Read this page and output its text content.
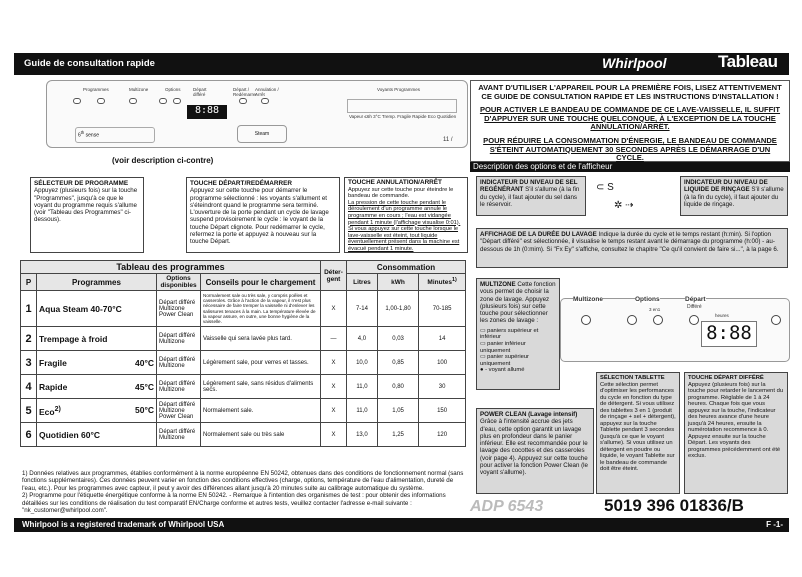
Guide de consultation rapide	Whirlpool	Tableau
Programmes	Multizone	Options	Départ différé
Départ / Redémarrer
Annulation / Arrêt
Voyants Programmes
8:88
Vapeur ≤6h 3°C Tremp. Fragile Rapide Eco Quotidien
6th sense	Steam
11 /
(voir description ci-contre)
SÉLECTEUR DE PROGRAMME
Appuyez (plusieurs fois) sur la touche "Programmes", jusqu'à ce que le voyant du programme requis s'allume (voir "Tableau des Programmes" ci-dessous).
TOUCHE DÉPART/REDÉMARRER
Appuyez sur cette touche pour démarrer le programme sélectionné : les voyants s'allument et s'éteindront quand le programme sera terminé. L'ouverture de la porte pendant un cycle de lavage suspend provisoirement le cycle : le voyant de la touche Départ clignote. Pour redémarrer le cycle, refermez la porte et appuyez à nouveau sur la touche Départ.
TOUCHE ANNULATION/ARRÊT
Appuyez sur cette touche pour éteindre le bandeau de commande.
La pression de cette touche pendant le déroulement d'un programme annule le programme en cours ; l'eau est vidangée pendant 1 minute (l'affichage visualise 0:01).
Si vous appuyez sur cette touche lorsque le lave-vaisselle est éteint, tout liquide éventuellement présent dans la machine est évacué pendant 1 minute.

AVANT D'UTILISER L'APPAREIL POUR LA PREMIÈRE FOIS, LISEZ ATTENTIVEMENT CE GUIDE DE CONSULTATION RAPIDE ET LES INSTRUCTIONS D'INSTALLATION !

POUR ACTIVER LE BANDEAU DE COMMANDE DE CE LAVE-VAISSELLE, IL SUFFIT D'APPUYER SUR UNE TOUCHE QUELCONQUE, À L'EXCEPTION DE LA TOUCHE ANNULATION/ARRÊT.

POUR RÉDUIRE LA CONSOMMATION D'ÉNERGIE, LE BANDEAU DE COMMANDE S'ÉTEINT AUTOMATIQUEMENT 30 SECONDES APRÈS LE DÉMARRAGE D'UN CYCLE.

Description des options et de l'afficheur
INDICATEUR DU NIVEAU DE SEL REGÉNÉRANT S'il s'allume (à la fin du cycle), il faut ajouter du sel dans le réservoir.
⊂ S
✲ ⇢
INDICATEUR DU NIVEAU DE LIQUIDE DE RINÇAGE S'il s'allume (à la fin du cycle), il faut ajouter du liquide de rinçage.
AFFICHAGE DE LA DURÉE DU LAVAGE Indique la durée du cycle et le temps restant (h:min). Si l'option "Départ différé" est sélectionnée, il visualise le temps restant avant le démarrage du programme (h:00) - au-dessous de 1h (0:mim). Si "Fx Ey" s'affiche, consultez le chapitre "Ce qu'il convient de faire si...", à la page 6.
MULTIZONE Cette fonction vous permet de choisir la zone de lavage. Appuyez (plusieurs fois) sur cette touche pour sélectionner les zones de lavage :
▭ paniers supérieur et inférieur
▭ panier inférieur uniquement
▭ panier supérieur uniquement
● - voyant allumé
Multizone	Options	Départ
Différé
3 en1
8:88
heures
POWER CLEAN (Lavage intensif) Grâce à l'intensité accrue des jets d'eau, cette option garantit un lavage plus en profondeur dans le panier inférieur. Elle est recommandée pour le lavage des cocottes et des casseroles (voir page 4). Appuyez sur cette touche pour activer la fonction Power Clean (le voyant s'allume).
SÉLECTION TABLETTE Cette sélection permet d'optimiser les performances du cycle en fonction du type de détergent. Si vous utilisez des tablettes 3 en 1 (produit de rinçage + sel + détergent), appuyez sur la touche Tablette pendant 3 secondes (jusqu'à ce que le voyant s'allume). Si vous utilisez un détergent en poudre ou liquide, le voyant Tablette sur le bandeau de commande doit être éteint.
TOUCHE DÉPART DIFFÉRÉ Appuyez (plusieurs fois) sur la touche pour retarder le lancement du programme. Réglable de 1 à 24 heures. Chaque fois que vous appuyez sur la touche, l'indicateur des heures avance d'une heure jusqu'à 24 heures, ensuite la numérotation recommence à 0. Appuyez ensuite sur la touche Départ. Les voyants des programmes précédemment ont été exclus.
Tableau des programmes				Déter-gent	Consommation		
P	Programmes	Options disponibles	Conseils pour le chargement		Litres	kWh	Minutes$^{1)}$
1	Aqua Steam 40-70°C	Départ différé Multizone Power Clean	Normalement sale ou très sale, y compris poêles et casseroles. Grâce à l'action de la vapeur, il n'est plus nécessaire de faire tremper la vaisselle ni d'enlever les salissures tenaces à la main. La température élevée de la vapeur assure, en outre, une bonne hygiène de la vaisselle.	X	7-14	1,00-1,80	70-185
2	Trempage à froid	Départ différé Multizone	Vaisselle qui sera lavée plus tard.	—	4,0	0,03	14
3	Fragile 40°C	Départ différé Multizone	Légèrement sale, pour verres et tasses.	X	10,0	0,85	100
4	Rapide 45°C	Départ différé Multizone	Légèrement sale, sans résidus d'aliments secs.	X	11,0	0,80	30
5	Eco$^{2)}$ 50°C	Départ différé Multizone Power Clean	Normalement sale.	X	11,0	1,05	150
6	Quotidien 60°C	Départ différé Multizone	Normalement sale ou très sale	X	13,0	1,25	120
1) Données relatives aux programmes, établies conformément à la norme européenne EN 50242, obtenues dans des conditions de fonctionnement normal (sans fonctions supplémentaires). Ces données peuvent varier en fonction des conditions effectives (charge, options, température de l'eau d'alimentation, dureté de l'eau, etc.). Pour les programmes avec capteur, il peut y avoir des différences allant jusqu'à 20 minutes suite au calibrage automatique du système.
2) Programme pour l'étiquette énergétique conforme à la norme EN 50242. - Remarque à l'intention des organismes de test : pour obtenir des informations détaillées sur les conditions de réalisation du test comparatif EN/Charge conforme et autres tests, veuillez contacter l'adresse e-mail suivante : "nk_customer@whirlpool.com".	ADP 6543	5019 396 01836/B
Whirlpool is a registered trademark of Whirlpool USA	F -1-
